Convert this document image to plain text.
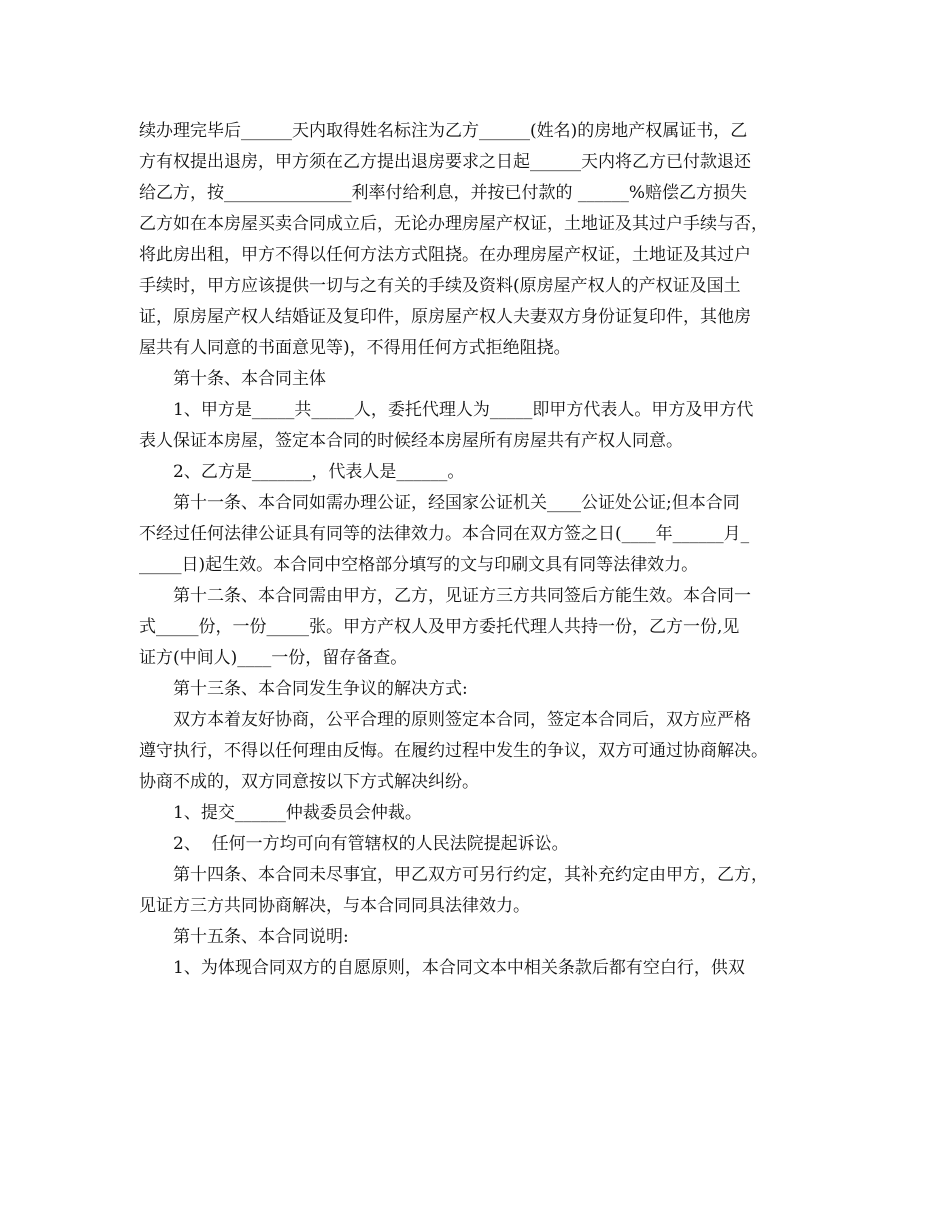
续办理完毕后______天内取得姓名标注为乙方______(姓名)的房地产权属证书，乙
方有权提出退房，甲方须在乙方提出退房要求之日起______天内将乙方已付款退还
给乙方，按_______________利率付给利息，并按已付款的 ______%赔偿乙方损失
乙方如在本房屋买卖合同成立后，无论办理房屋产权证，土地证及其过户手续与否，
将此房出租，甲方不得以任何方法方式阻挠。在办理房屋产权证，土地证及其过户
手续时，甲方应该提供一切与之有关的手续及资料(原房屋产权人的产权证及国土
证，原房屋产权人结婚证及复印件，原房屋产权人夫妻双方身份证复印件，其他房
屋共有人同意的书面意见等)，不得用任何方式拒绝阻挠。
第十条、本合同主体
1、甲方是_____共_____人，委托代理人为_____即甲方代表人。甲方及甲方代
表人保证本房屋，签定本合同的时候经本房屋所有房屋共有产权人同意。
2、乙方是_______，代表人是______。
第十一条、本合同如需办理公证，经国家公证机关____公证处公证;但本合同
不经过任何法律公证具有同等的法律效力。本合同在双方签之日(____年______月_
_____日)起生效。本合同中空格部分填写的文与印刷文具有同等法律效力。
第十二条、本合同需由甲方，乙方，见证方三方共同签后方能生效。本合同一
式_____份，一份_____张。甲方产权人及甲方委托代理人共持一份，乙方一份,见
证方(中间人)____一份，留存备查。
第十三条、本合同发生争议的解决方式:
双方本着友好协商，公平合理的原则签定本合同，签定本合同后，双方应严格
遵守执行，不得以任何理由反悔。在履约过程中发生的争议，双方可通过协商解决。
协商不成的，双方同意按以下方式解决纠纷。
1、提交______仲裁委员会仲裁。
2、  任何一方均可向有管辖权的人民法院提起诉讼。
第十四条、本合同未尽事宜，甲乙双方可另行约定，其补充约定由甲方，乙方，
见证方三方共同协商解决，与本合同同具法律效力。
第十五条、本合同说明:
1、为体现合同双方的自愿原则，本合同文本中相关条款后都有空白行，供双
